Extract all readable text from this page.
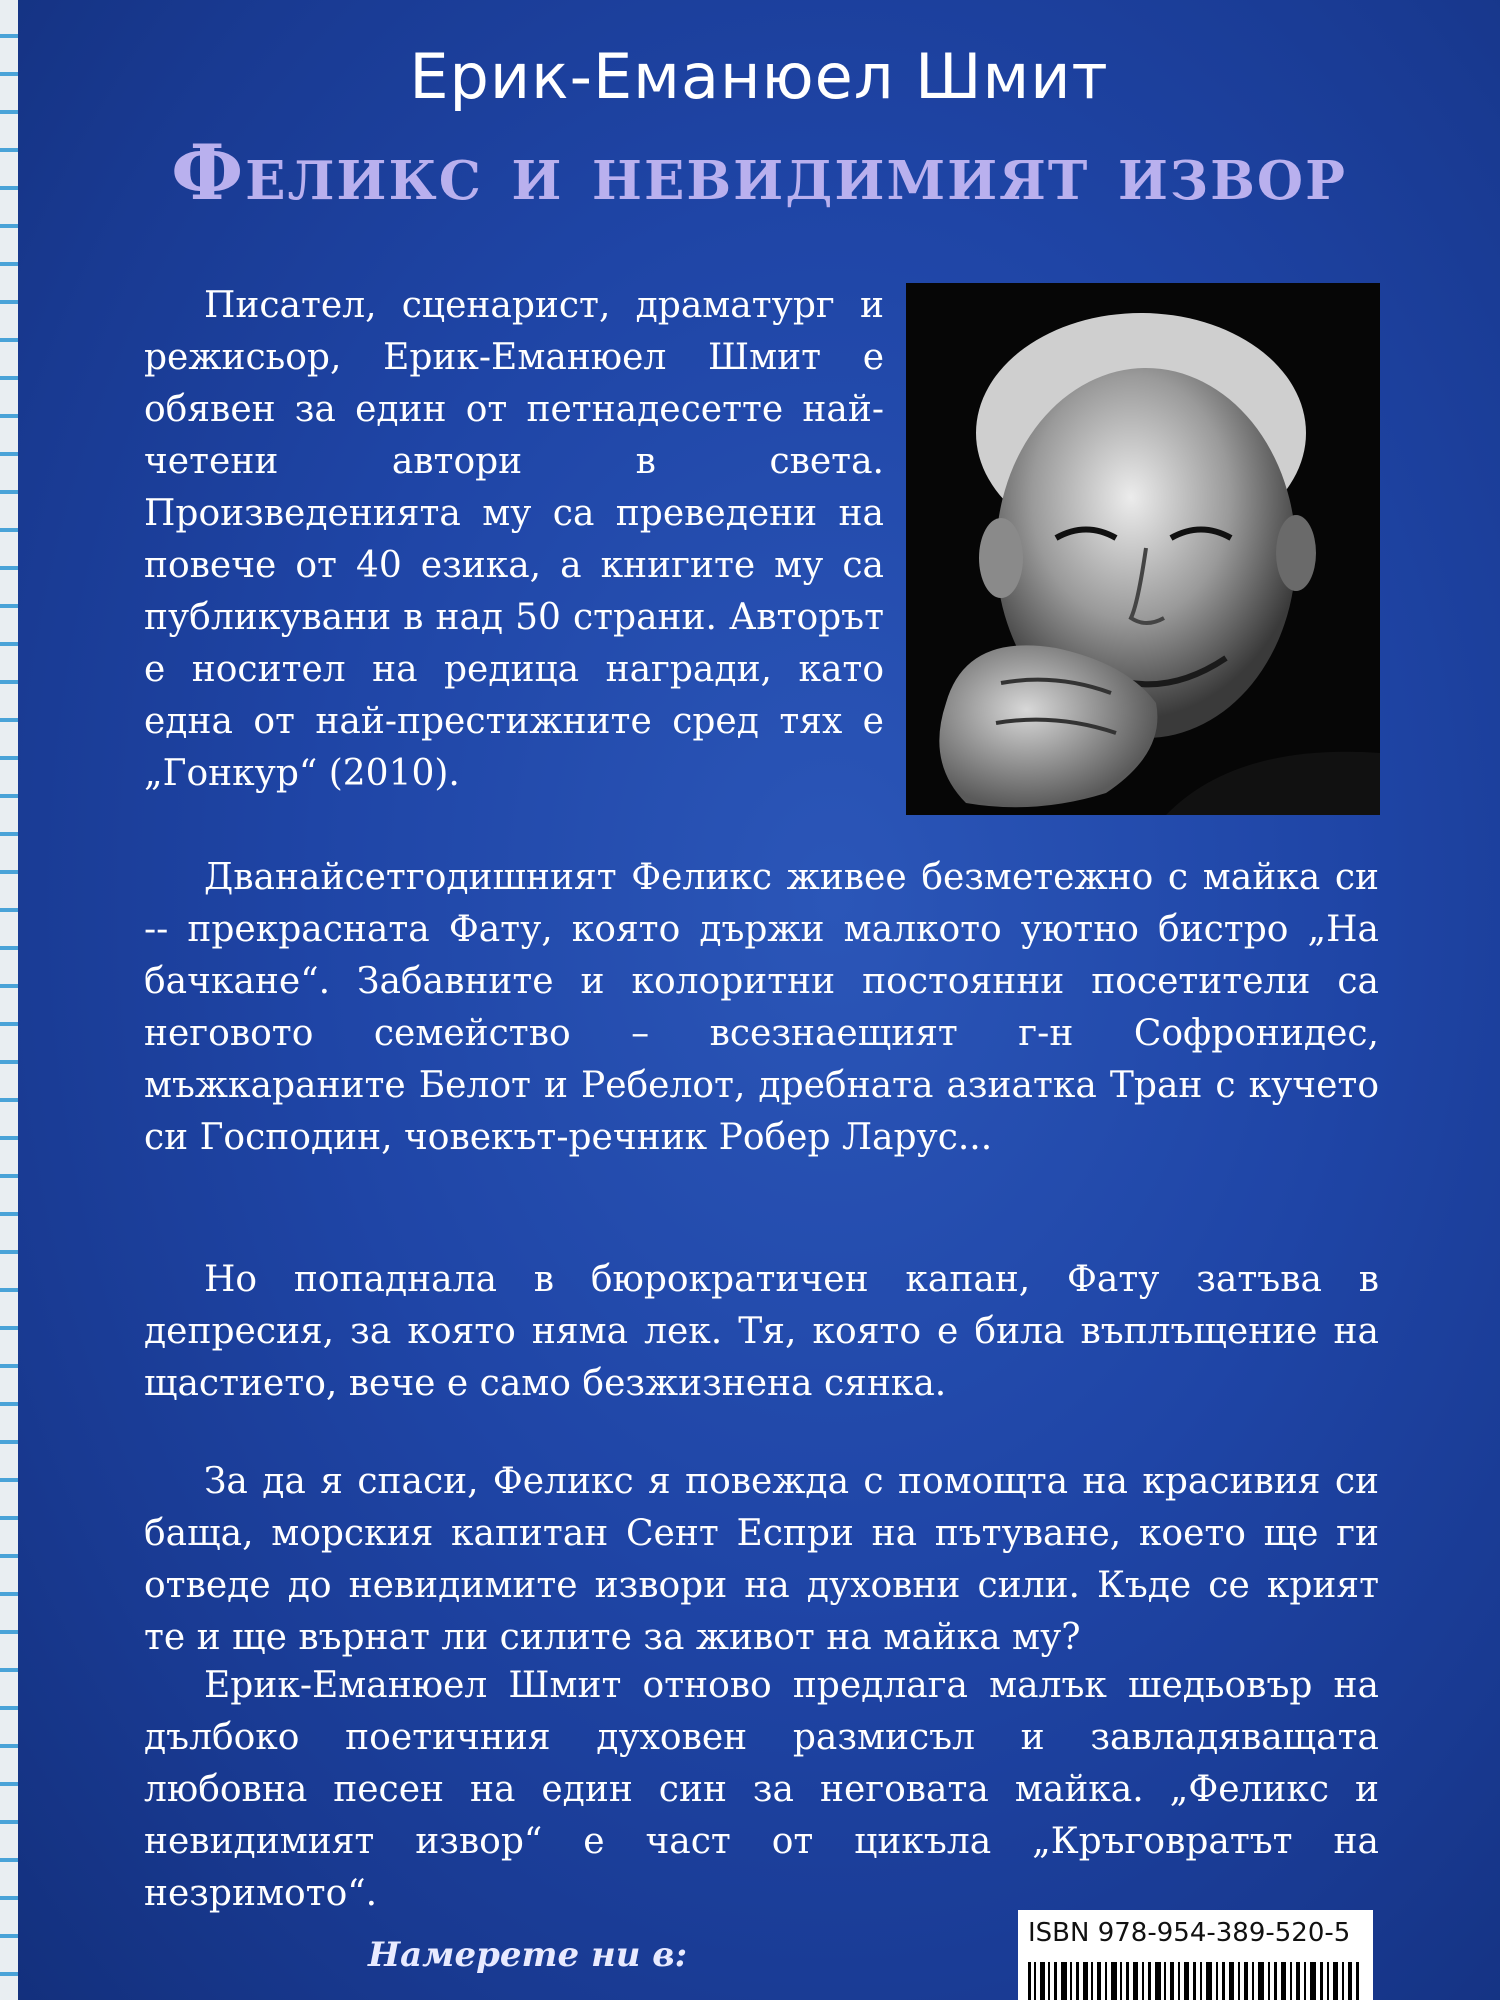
Ерик-Еманюел Шмит
Феликс и невидимият извор

Писател, сценарист, драматург и режисьор, Ерик-Еманюел Шмит е обявен за един от петнадесетте най-четени автори в света. Произведенията му са преведени на повече от 40 езика, а книгите му са публикувани в над 50 страни. Авторът е носител на редица награди, като една от най-престижните сред тях е „Гонкур“ (2010).

Дванайсетгодишният Феликс живее безметежно с майка си -- прекрасната Фату, която държи малкото уютно бистро „На бачкане“. Забавните и колоритни постоянни посетители са неговото семейство – всезнаещият г-н Софронидес, мъжкараните Белот и Ребелот, дребната азиатка Тран с кучето си Господин, човекът-речник Робер Ларус...

Но попаднала в бюрократичен капан, Фату затъва в депресия, за която няма лек. Тя, която е била въплъщение на щастието, вече е само безжизнена сянка.

За да я спаси, Феликс я повежда с помощта на красивия си баща, морския капитан Сент Еспри на пътуване, което ще ги отведе до невидимите извори на духовни сили. Къде се крият те и ще върнат ли силите за живот на майка му?

Ерик-Еманюел Шмит отново предлага малък шедьовър на дълбоко поетичния духовен размисъл и завладяващата любовна песен на един син за неговата майка. „Феликс и невидимият извор“ е част от цикъла „Кръговратът на незримото“.

Намерете ни в:
ISBN 978-954-389-520-5
